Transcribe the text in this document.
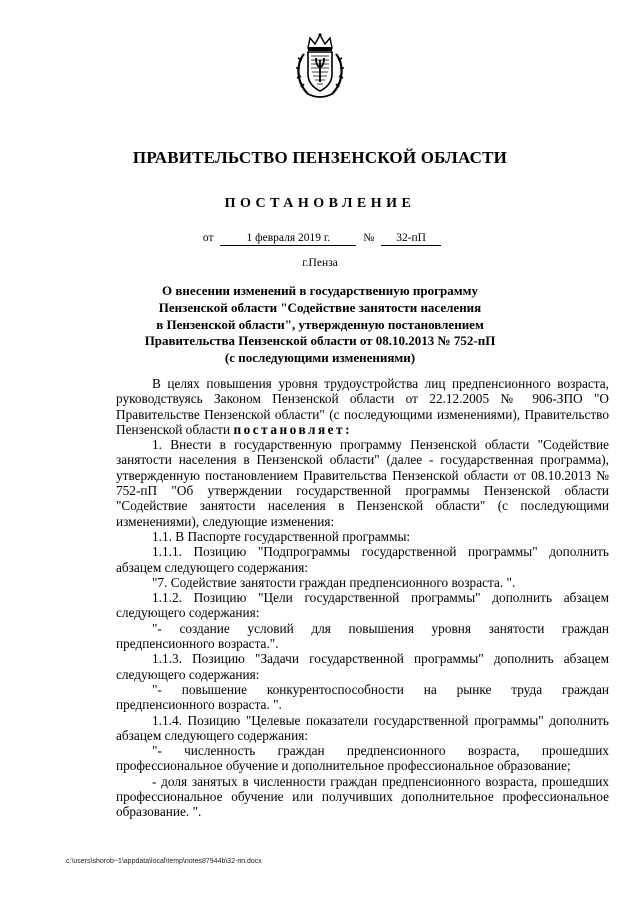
ПРАВИТЕЛЬСТВО ПЕНЗЕНСКОЙ ОБЛАСТИ
ПОСТАНОВЛЕНИЕ
от	1 февраля 2019 г.	№ 32-пП
г.Пенза
О внесении изменений в государственную программу
Пензенской области "Содействие занятости населения
в Пензенской области", утвержденную постановлением
Правительства Пензенской области от 08.10.2013 № 752-пП
(с последующими изменениями)

В целях повышения уровня трудоустройства лиц предпенсионного возраста, руководствуясь Законом Пензенской области от 22.12.2005 № 906-ЗПО "О Правительстве Пензенской области" (с последующими изменениями), Правительство Пензенской области постановляет:

1. Внести в государственную программу Пензенской области "Содействие занятости населения в Пензенской области" (далее - государственная программа), утвержденную постановлением Правительства Пензенской области от 08.10.2013 № 752-пП "Об утверждении государственной программы Пензенской области "Содействие занятости населения в Пензенской области" (с последующими изменениями), следующие изменения:

1.1. В Паспорте государственной программы:

1.1.1. Позицию "Подпрограммы государственной программы" дополнить абзацем следующего содержания:

"7. Содействие занятости граждан предпенсионного возраста. ".

1.1.2. Позицию "Цели государственной программы" дополнить абзацем следующего содержания:

"- создание условий для повышения уровня занятости граждан предпенсионного возраста.".

1.1.3. Позицию "Задачи государственной программы" дополнить абзацем следующего содержания:

"- повышение конкурентоспособности на рынке труда граждан предпенсионного возраста. ".

1.1.4. Позицию "Целевые показатели государственной программы" дополнить абзацем следующего содержания:

"- численность граждан предпенсионного возраста, прошедших профессиональное обучение и дополнительное профессиональное образование;

- доля занятых в численности граждан предпенсионного возраста, прошедших профессиональное обучение или получивших дополнительное профессиональное образование. ".

c:\users\shorob~1\appdata\local\temp\notes87944b\32-пп.docx
